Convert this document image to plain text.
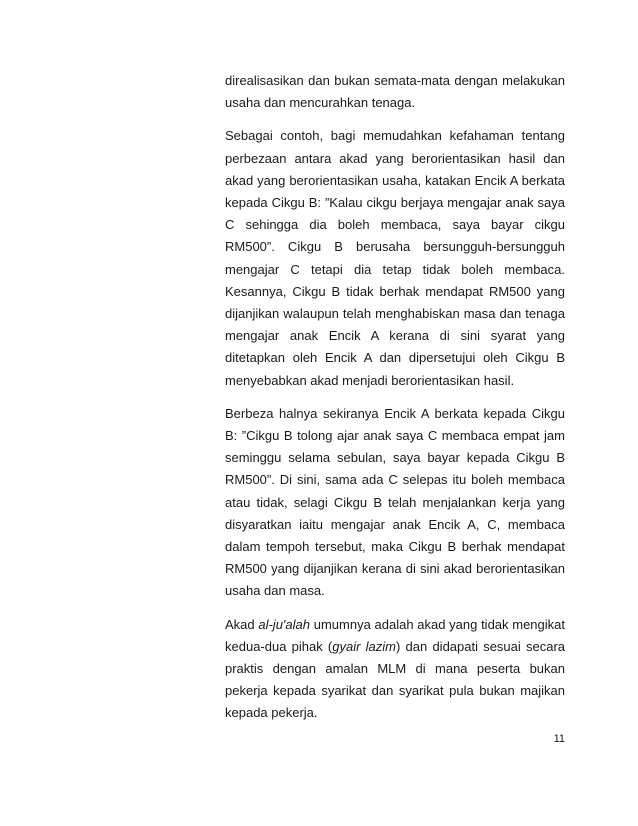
direalisasikan dan bukan semata-mata dengan melakukan usaha dan mencurahkan tenaga.

Sebagai contoh, bagi memudahkan kefahaman tentang perbezaan antara akad yang berorientasikan hasil dan akad yang berorientasikan usaha, katakan Encik A berkata kepada Cikgu B: ”Kalau cikgu berjaya mengajar anak saya C sehingga dia boleh membaca, saya bayar cikgu RM500”. Cikgu B berusaha bersungguh-bersungguh mengajar C tetapi dia tetap tidak boleh membaca. Kesannya, Cikgu B tidak berhak mendapat RM500 yang dijanjikan walaupun telah menghabiskan masa dan tenaga mengajar anak Encik A kerana di sini syarat yang ditetapkan oleh Encik A dan dipersetujui oleh Cikgu B menyebabkan akad menjadi berorientasikan hasil.

Berbeza halnya sekiranya Encik A berkata kepada Cikgu B: ”Cikgu B tolong ajar anak saya C membaca empat jam seminggu selama sebulan, saya bayar kepada Cikgu B RM500”. Di sini, sama ada C selepas itu boleh membaca atau tidak, selagi Cikgu B telah menjalankan kerja yang disyaratkan iaitu mengajar anak Encik A, C, membaca dalam tempoh tersebut, maka Cikgu B berhak mendapat RM500 yang dijanjikan kerana di sini akad berorientasikan usaha dan masa.

Akad al-ju'alah umumnya adalah akad yang tidak mengikat kedua-dua pihak (gyair lazim) dan didapati sesuai secara praktis dengan amalan MLM di mana peserta bukan pekerja kepada syarikat dan syarikat pula bukan majikan kepada pekerja.

11
